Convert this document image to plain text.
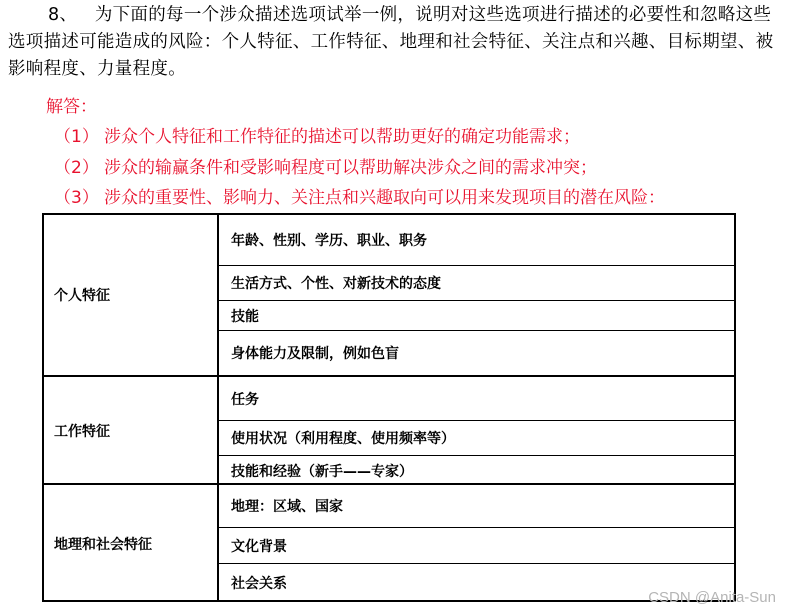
8、 为下面的每一个涉众描述选项试举一例，说明对这些选项进行描述的必要性和忽略这些选项描述可能造成的风险：个人特征、工作特征、地理和社会特征、关注点和兴趣、目标期望、被影响程度、力量程度。
解答：
（1） 涉众个人特征和工作特征的描述可以帮助更好的确定功能需求；
（2） 涉众的输赢条件和受影响程度可以帮助解决涉众之间的需求冲突；
（3） 涉众的重要性、影响力、关注点和兴趣取向可以用来发现项目的潜在风险：
个人特征
年龄、性别、学历、职业、职务
生活方式、个性、对新技术的态度
技能
身体能力及限制，例如色盲
工作特征
任务
使用状况（利用程度、使用频率等）
技能和经验（新手——专家）
地理和社会特征
地理：区域、国家
文化背景
社会关系
CSDN @Anita-Sun
